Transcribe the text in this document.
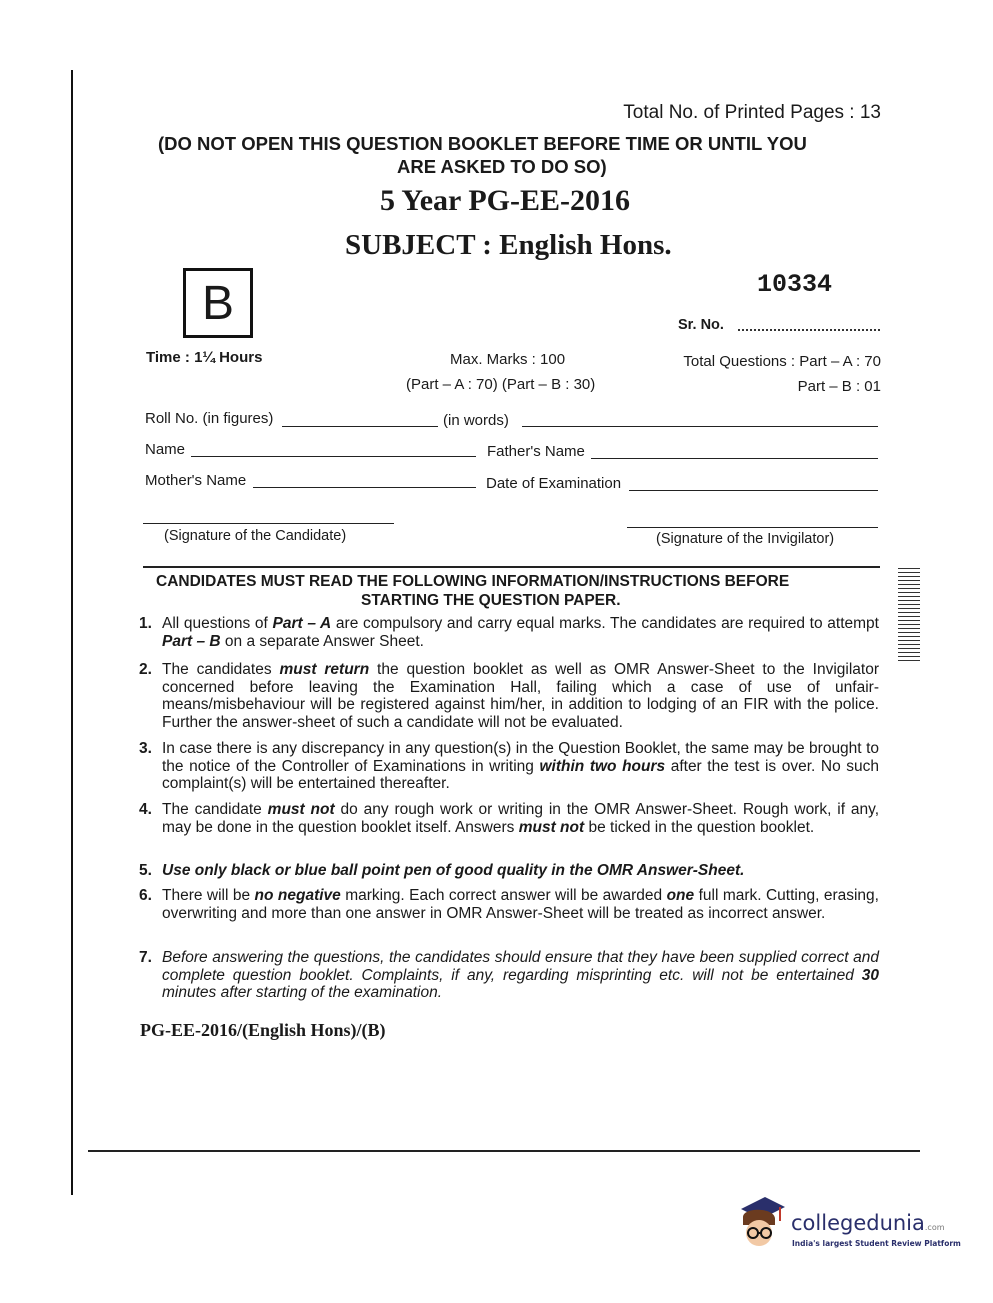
Total No. of Printed Pages : 13
(DO NOT OPEN THIS QUESTION BOOKLET BEFORE TIME OR UNTIL YOU
ARE ASKED TO DO SO)
5 Year PG-EE-2016
SUBJECT : English Hons.
B	10334
Sr. No.
Time : 1¼ Hours	Max. Marks : 100
(Part – A : 70) (Part – B : 30)
Total Questions : Part – A : 70
Part – B : 01
Roll No. (in figures)	(in words)
Name	Father's Name
Mother's Name	Date of Examination
(Signature of the Candidate)	(Signature of the Invigilator)
CANDIDATES MUST READ THE FOLLOWING INFORMATION/INSTRUCTIONS BEFORE
STARTING THE QUESTION PAPER.
1. All questions of Part – A are compulsory and carry equal marks. The candidates are required to attempt Part – B on a separate Answer Sheet.
2. The candidates must return the question booklet as well as OMR Answer-Sheet to the Invigilator concerned before leaving the Examination Hall, failing which a case of use of unfair-means/misbehaviour will be registered against him/her, in addition to lodging of an FIR with the police. Further the answer-sheet of such a candidate will not be evaluated.
3. In case there is any discrepancy in any question(s) in the Question Booklet, the same may be brought to the notice of the Controller of Examinations in writing within two hours after the test is over. No such complaint(s) will be entertained thereafter.
4. The candidate must not do any rough work or writing in the OMR Answer-Sheet. Rough work, if any, may be done in the question booklet itself. Answers must not be ticked in the question booklet.
5. Use only black or blue ball point pen of good quality in the OMR Answer-Sheet.
6. There will be no negative marking. Each correct answer will be awarded one full mark. Cutting, erasing, overwriting and more than one answer in OMR Answer-Sheet will be treated as incorrect answer.
7. Before answering the questions, the candidates should ensure that they have been supplied correct and complete question booklet. Complaints, if any, regarding misprinting etc. will not be entertained 30 minutes after starting of the examination.
PG-EE-2016/(English Hons)/(B)
collegedunia.com
India's largest Student Review Platform
